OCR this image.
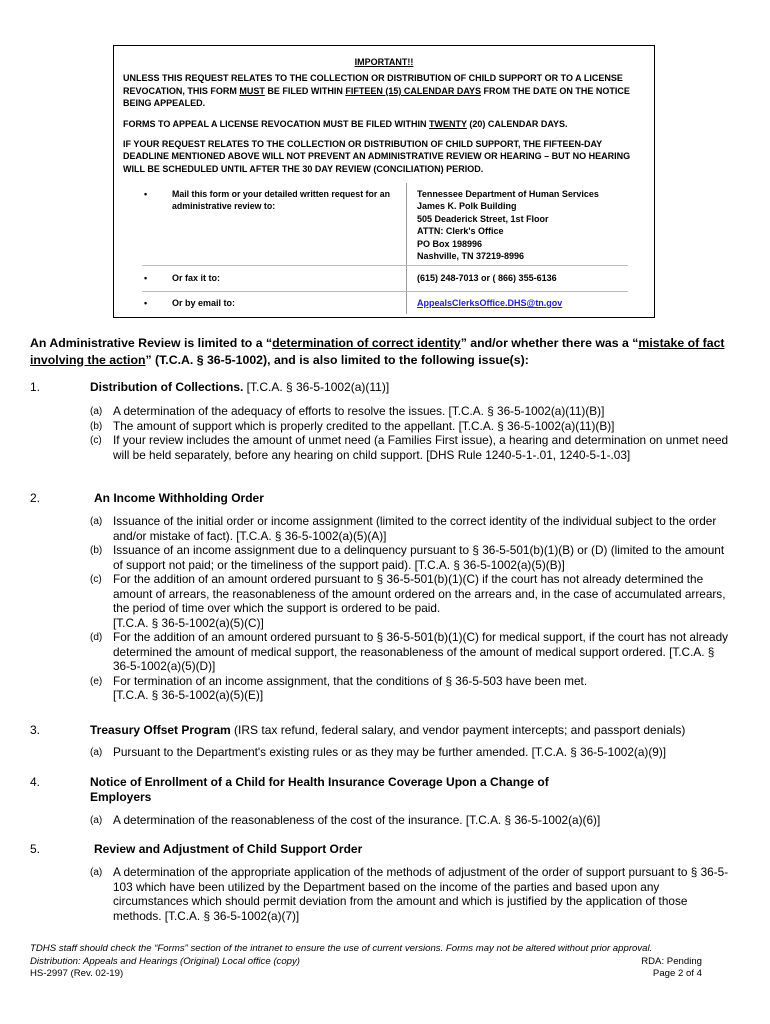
IMPORTANT!!

UNLESS THIS REQUEST RELATES TO THE COLLECTION OR DISTRIBUTION OF CHILD SUPPORT OR TO A LICENSE REVOCATION, THIS FORM MUST BE FILED WITHIN FIFTEEN (15) CALENDAR DAYS FROM THE DATE ON THE NOTICE BEING APPEALED.

FORMS TO APPEAL A LICENSE REVOCATION MUST BE FILED WITHIN TWENTY (20) CALENDAR DAYS.

IF YOUR REQUEST RELATES TO THE COLLECTION OR DISTRIBUTION OF CHILD SUPPORT, THE FIFTEEN-DAY DEADLINE MENTIONED ABOVE WILL NOT PREVENT AN ADMINISTRATIVE REVIEW OR HEARING – BUT NO HEARING WILL BE SCHEDULED UNTIL AFTER THE 30 DAY REVIEW (CONCILIATION) PERIOD.

•	Mail this form or your detailed written request for an administrative review to:
Tennessee Department of Human Services
James K. Polk Building
505 Deaderick Street, 1st Floor
ATTN: Clerk's Office
PO Box 198996
Nashville, TN 37219-8996
•	Or fax it to:	(615) 248-7013 or ( 866) 355-6136
•	Or by email to:	AppealsClerksOffice.DHS@tn.gov
An Administrative Review is limited to a “determination of correct identity” and/or whether there was a “mistake of fact involving the action” (T.C.A. § 36-5-1002), and is also limited to the following issue(s):
1.	Distribution of Collections. [T.C.A. § 36-5-1002(a)(11)]
(a) A determination of the adequacy of efforts to resolve the issues. [T.C.A. § 36-5-1002(a)(11)(B)]
(b) The amount of support which is properly credited to the appellant. [T.C.A. § 36-5-1002(a)(11)(B)]
(c) If your review includes the amount of unmet need (a Families First issue), a hearing and determination on unmet need will be held separately, before any hearing on child support. [DHS Rule 1240-5-1-.01, 1240-5-1-.03]
2.	An Income Withholding Order
(a) Issuance of the initial order or income assignment (limited to the correct identity of the individual subject to the order and/or mistake of fact). [T.C.A. § 36-5-1002(a)(5)(A)]
(b) Issuance of an income assignment due to a delinquency pursuant to § 36-5-501(b)(1)(B) or (D) (limited to the amount of support not paid; or the timeliness of the support paid). [T.C.A. § 36-5-1002(a)(5)(B)]
(c) For the addition of an amount ordered pursuant to § 36-5-501(b)(1)(C) if the court has not already determined the amount of arrears, the reasonableness of the amount ordered on the arrears and, in the case of accumulated arrears, the period of time over which the support is ordered to be paid.
[T.C.A. § 36-5-1002(a)(5)(C)]
(d) For the addition of an amount ordered pursuant to § 36-5-501(b)(1)(C) for medical support, if the court has not already determined the amount of medical support, the reasonableness of the amount of medical support ordered. [T.C.A. § 36-5-1002(a)(5)(D)]
(e) For termination of an income assignment, that the conditions of § 36-5-503 have been met.
[T.C.A. § 36-5-1002(a)(5)(E)]
3.	Treasury Offset Program (IRS tax refund, federal salary, and vendor payment intercepts; and passport denials)
(a) Pursuant to the Department's existing rules or as they may be further amended. [T.C.A. § 36-5-1002(a)(9)]
4.	Notice of Enrollment of a Child for Health Insurance Coverage Upon a Change of Employers
(a) A determination of the reasonableness of the cost of the insurance. [T.C.A. § 36-5-1002(a)(6)]
5.	Review and Adjustment of Child Support Order
(a) A determination of the appropriate application of the methods of adjustment of the order of support pursuant to § 36-5-103 which have been utilized by the Department based on the income of the parties and based upon any circumstances which should permit deviation from the amount and which is justified by the application of those methods. [T.C.A. § 36-5-1002(a)(7)]
TDHS staff should check the “Forms” section of the intranet to ensure the use of current versions. Forms may not be altered without prior approval.
Distribution: Appeals and Hearings (Original) Local office (copy)	RDA: Pending
HS-2997 (Rev. 02-19)	Page 2 of 4
